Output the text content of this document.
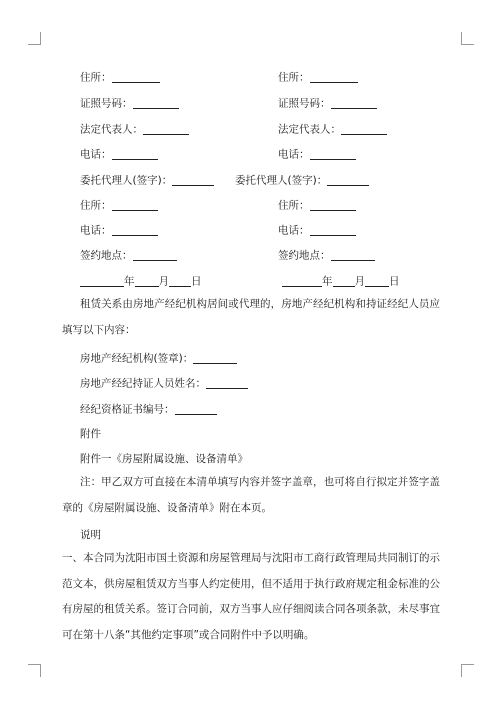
住所：	住所：
证照号码：	证照号码：
法定代表人：	法定代表人：
电话：	电话：
委托代理人(签字)：	委托代理人(签字)：
住所：	住所：
电话：	电话：
签约地点：	签约地点：
年 月 日	年 月 日
租赁关系由房地产经纪机构居间或代理的，房地产经纪机构和持证经纪人员应填写以下内容：
房地产经纪机构(签章)：
房地产经纪持证人员姓名：
经纪资格证书编号：
附件
附件一《房屋附属设施、设备清单》
注：甲乙双方可直接在本清单填写内容并签字盖章，也可将自行拟定并签字盖章的《房屋附属设施、设备清单》附在本页。
说明
一、本合同为沈阳市国土资源和房屋管理局与沈阳市工商行政管理局共同制订的示范文本，供房屋租赁双方当事人约定使用，但不适用于执行政府规定租金标准的公有房屋的租赁关系。签订合同前，双方当事人应仔细阅读合同各项条款，未尽事宜可在第十八条“其他约定事项”或合同附件中予以明确。
